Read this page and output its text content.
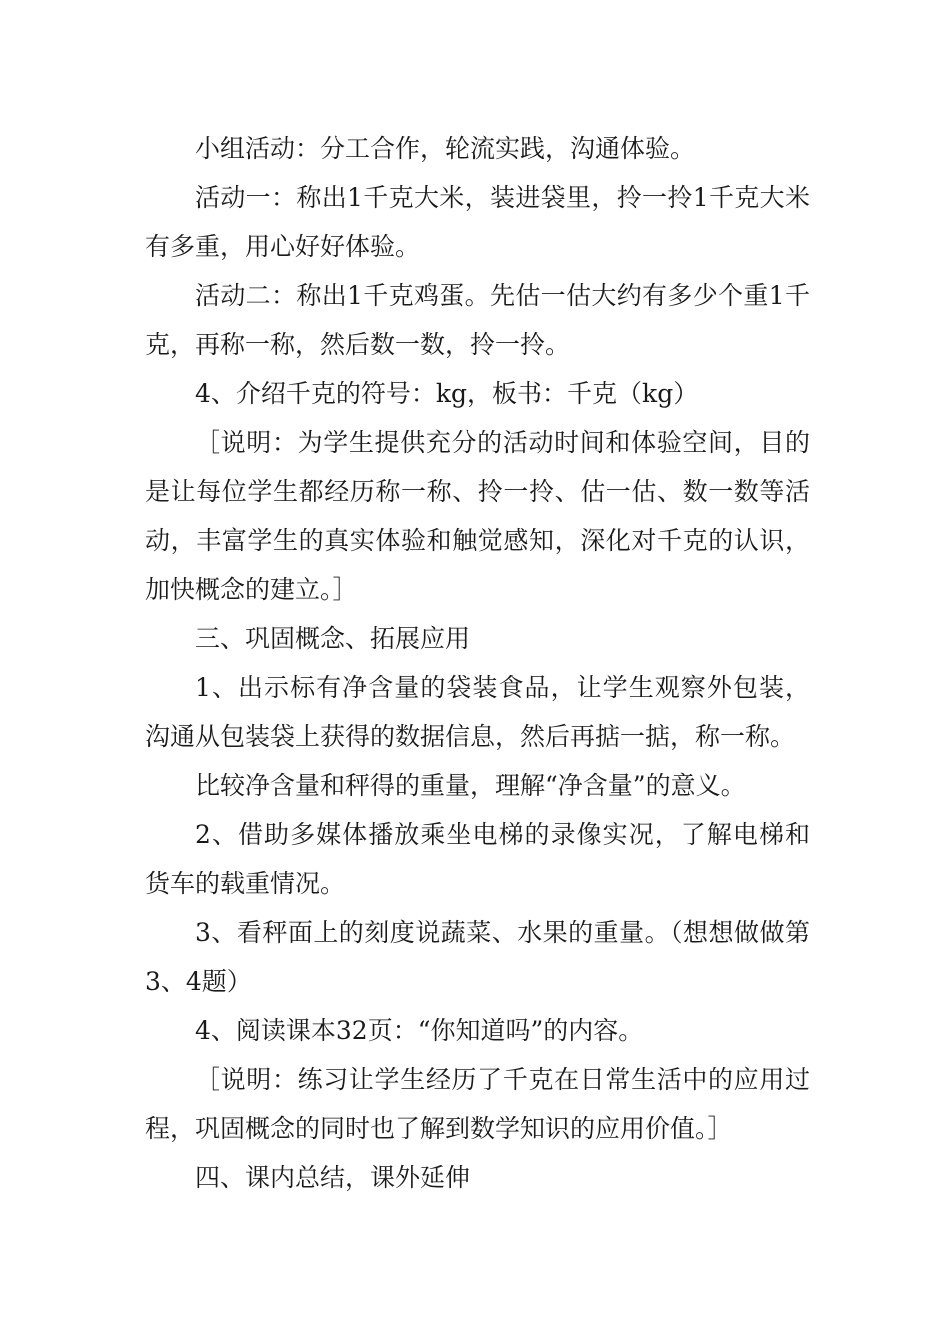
小组活动：分工合作，轮流实践，沟通体验。

活动一：称出1千克大米，装进袋里，拎一拎1千克大米有多重，用心好好体验。

活动二：称出1千克鸡蛋。先估一估大约有多少个重1千克，再称一称，然后数一数，拎一拎。

4、介绍千克的符号：kg，板书：千克（kg）

［说明：为学生提供充分的活动时间和体验空间，目的是让每位学生都经历称一称、拎一拎、估一估、数一数等活动，丰富学生的真实体验和触觉感知，深化对千克的认识，加快概念的建立。］

三、巩固概念、拓展应用

1、出示标有净含量的袋装食品，让学生观察外包装，沟通从包装袋上获得的数据信息，然后再掂一掂，称一称。

比较净含量和秤得的重量，理解“净含量”的意义。

2、借助多媒体播放乘坐电梯的录像实况，了解电梯和货车的载重情况。

3、看秤面上的刻度说蔬菜、水果的重量。（想想做做第3、4题）

4、阅读课本32页：“你知道吗”的内容。

［说明：练习让学生经历了千克在日常生活中的应用过程，巩固概念的同时也了解到数学知识的应用价值。］

四、课内总结，课外延伸
